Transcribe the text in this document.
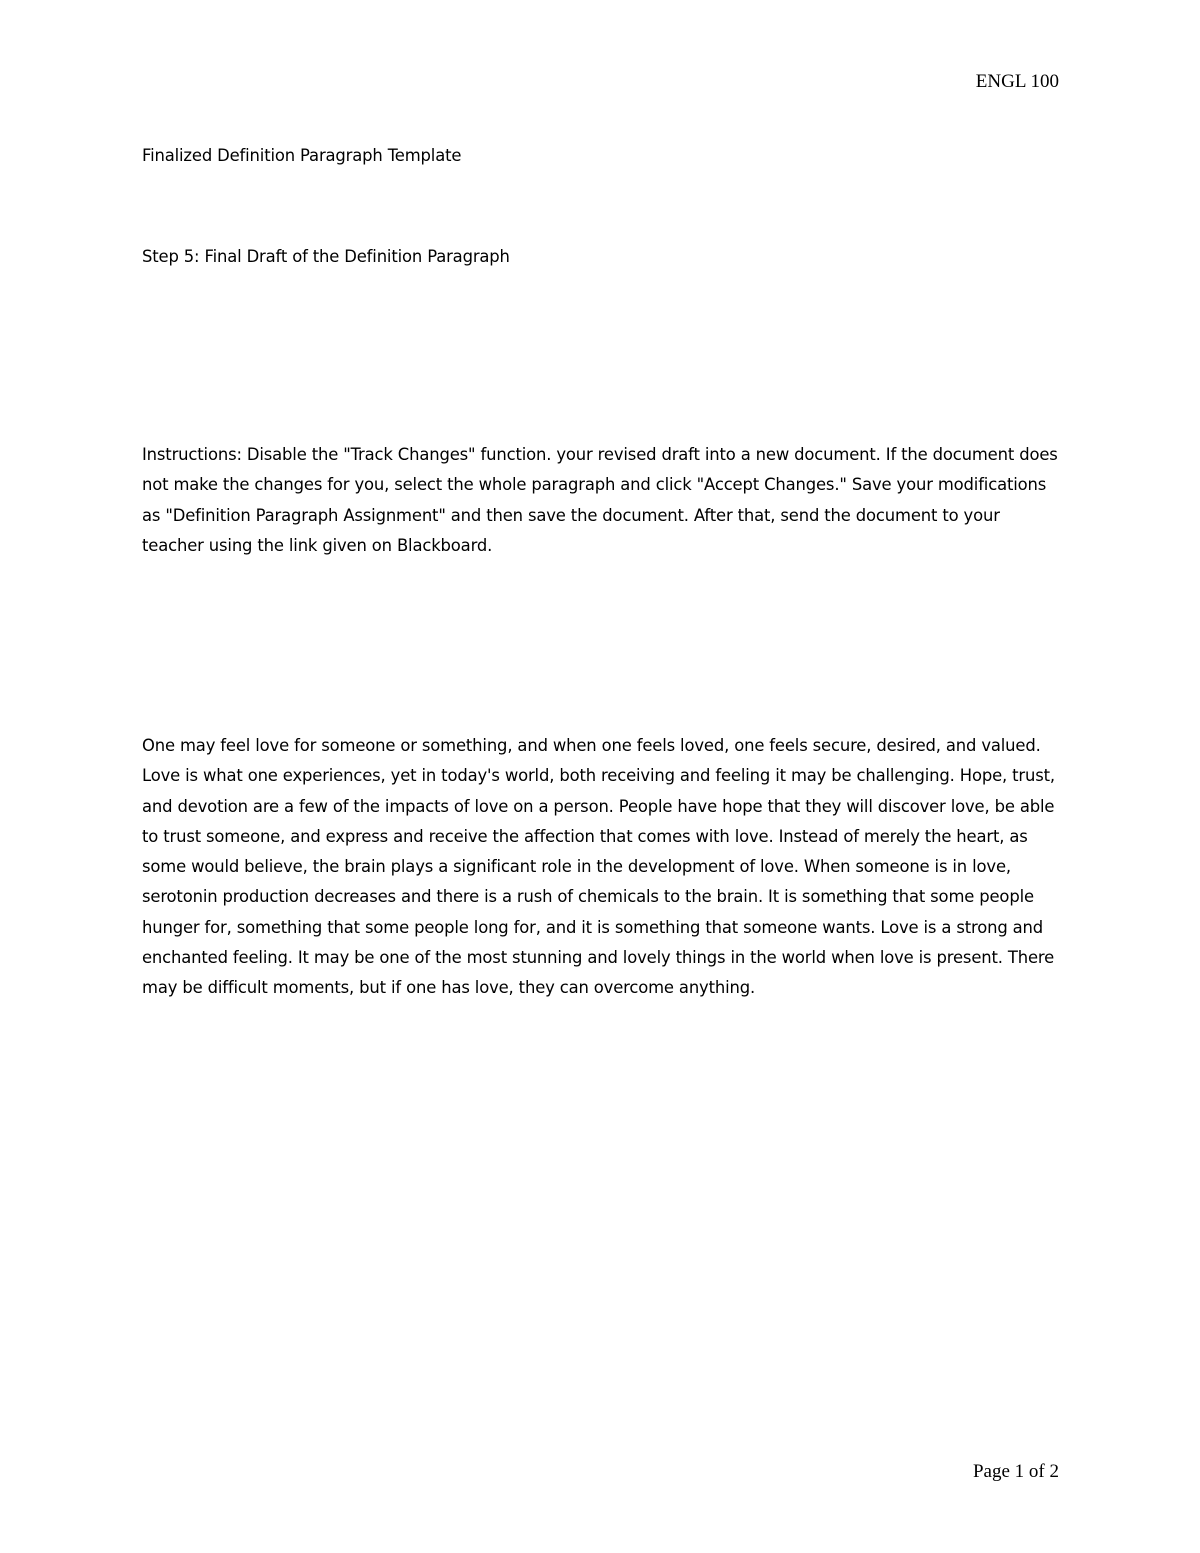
ENGL 100

Finalized Definition Paragraph Template

Step 5: Final Draft of the Definition Paragraph

Instructions: Disable the "Track Changes" function. your revised draft into a new document. If the document does not make the changes for you, select the whole paragraph and click "Accept Changes." Save your modifications as "Definition Paragraph Assignment" and then save the document. After that, send the document to your teacher using the link given on Blackboard.

One may feel love for someone or something, and when one feels loved, one feels secure, desired, and valued. Love is what one experiences, yet in today's world, both receiving and feeling it may be challenging. Hope, trust, and devotion are a few of the impacts of love on a person. People have hope that they will discover love, be able to trust someone, and express and receive the affection that comes with love. Instead of merely the heart, as some would believe, the brain plays a significant role in the development of love. When someone is in love, serotonin production decreases and there is a rush of chemicals to the brain. It is something that some people hunger for, something that some people long for, and it is something that someone wants. Love is a strong and enchanted feeling. It may be one of the most stunning and lovely things in the world when love is present. There may be difficult moments, but if one has love, they can overcome anything.

Page 1 of 2
